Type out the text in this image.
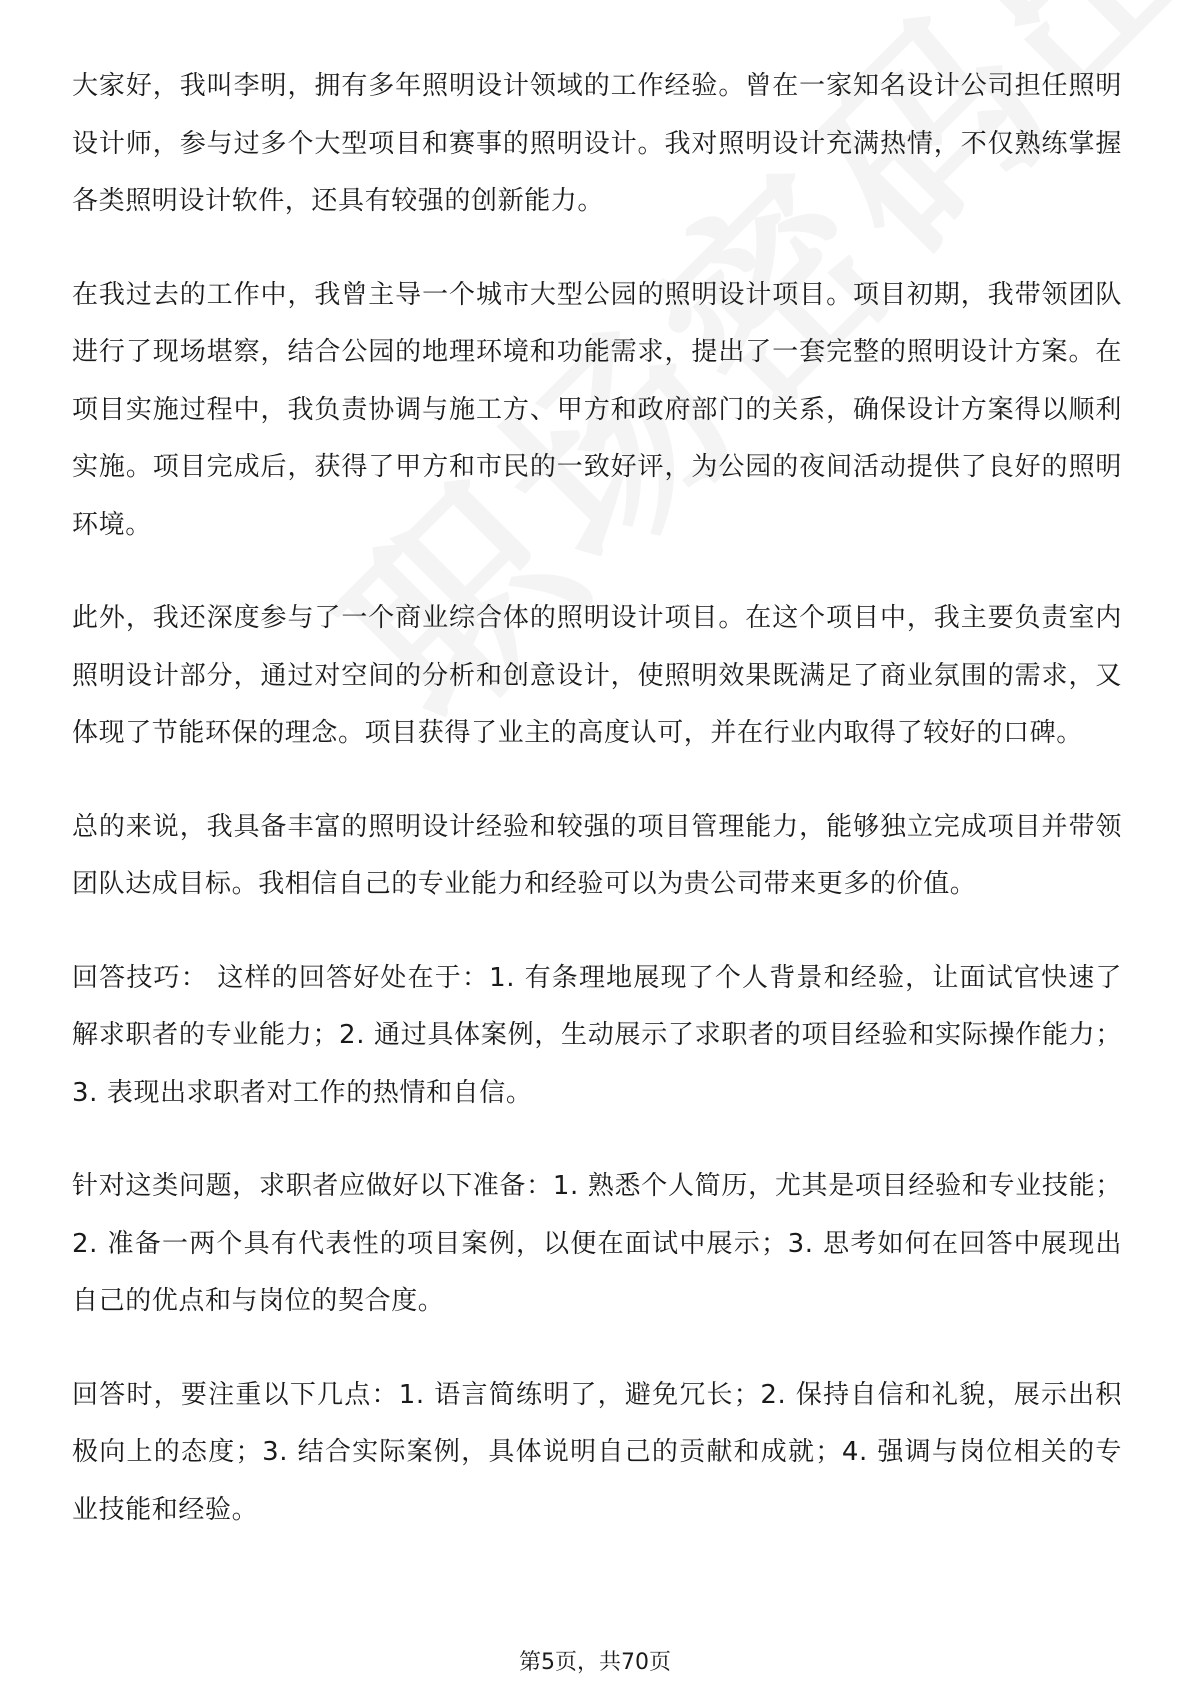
大家好，我叫李明，拥有多年照明设计领域的工作经验。曾在一家知名设计公司担任照明设计师，参与过多个大型项目和赛事的照明设计。我对照明设计充满热情，不仅熟练掌握各类照明设计软件，还具有较强的创新能力。

在我过去的工作中，我曾主导一个城市大型公园的照明设计项目。项目初期，我带领团队进行了现场堪察，结合公园的地理环境和功能需求，提出了一套完整的照明设计方案。在项目实施过程中，我负责协调与施工方、甲方和政府部门的关系，确保设计方案得以顺利实施。项目完成后，获得了甲方和市民的一致好评，为公园的夜间活动提供了良好的照明环境。

此外，我还深度参与了一个商业综合体的照明设计项目。在这个项目中，我主要负责室内照明设计部分，通过对空间的分析和创意设计，使照明效果既满足了商业氛围的需求，又体现了节能环保的理念。项目获得了业主的高度认可，并在行业内取得了较好的口碑。

总的来说，我具备丰富的照明设计经验和较强的项目管理能力，能够独立完成项目并带领团队达成目标。我相信自己的专业能力和经验可以为贵公司带来更多的价值。

回答技巧： 这样的回答好处在于：1. 有条理地展现了个人背景和经验，让面试官快速了解求职者的专业能力；2. 通过具体案例，生动展示了求职者的项目经验和实际操作能力；3. 表现出求职者对工作的热情和自信。

针对这类问题，求职者应做好以下准备：1. 熟悉个人简历，尤其是项目经验和专业技能；2. 准备一两个具有代表性的项目案例，以便在面试中展示；3. 思考如何在回答中展现出自己的优点和与岗位的契合度。

回答时，要注重以下几点：1. 语言简练明了，避免冗长；2. 保持自信和礼貌，展示出积极向上的态度；3. 结合实际案例，具体说明自己的贡献和成就；4. 强调与岗位相关的专业技能和经验。

第5页，共70页
